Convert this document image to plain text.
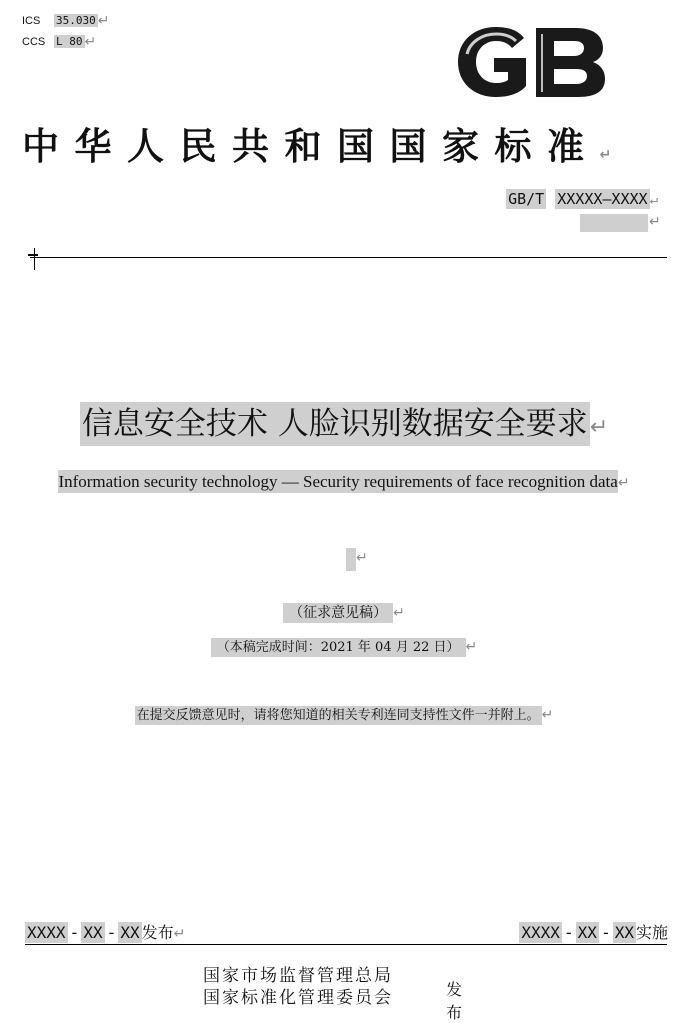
ICS	35.030 ↵
CCS L 80 ↵
中华人民共和国国家标准↵
GB/T XXXXX—XXXX ↵
↵
信息安全技术 人脸识别数据安全要求↵
Information security technology — Security requirements of face recognition data↵
↵
（征求意见稿） ↵
（本稿完成时间：2021 年 04 月 22 日） ↵
在提交反馈意见时，请将您知道的相关专利连同支持性文件一并附上。 ↵
XXXX - XX - XX 发布↵	XXXX - XX - XX 实施
国家市场监督管理总局
国家标准化管理委员会	发布
